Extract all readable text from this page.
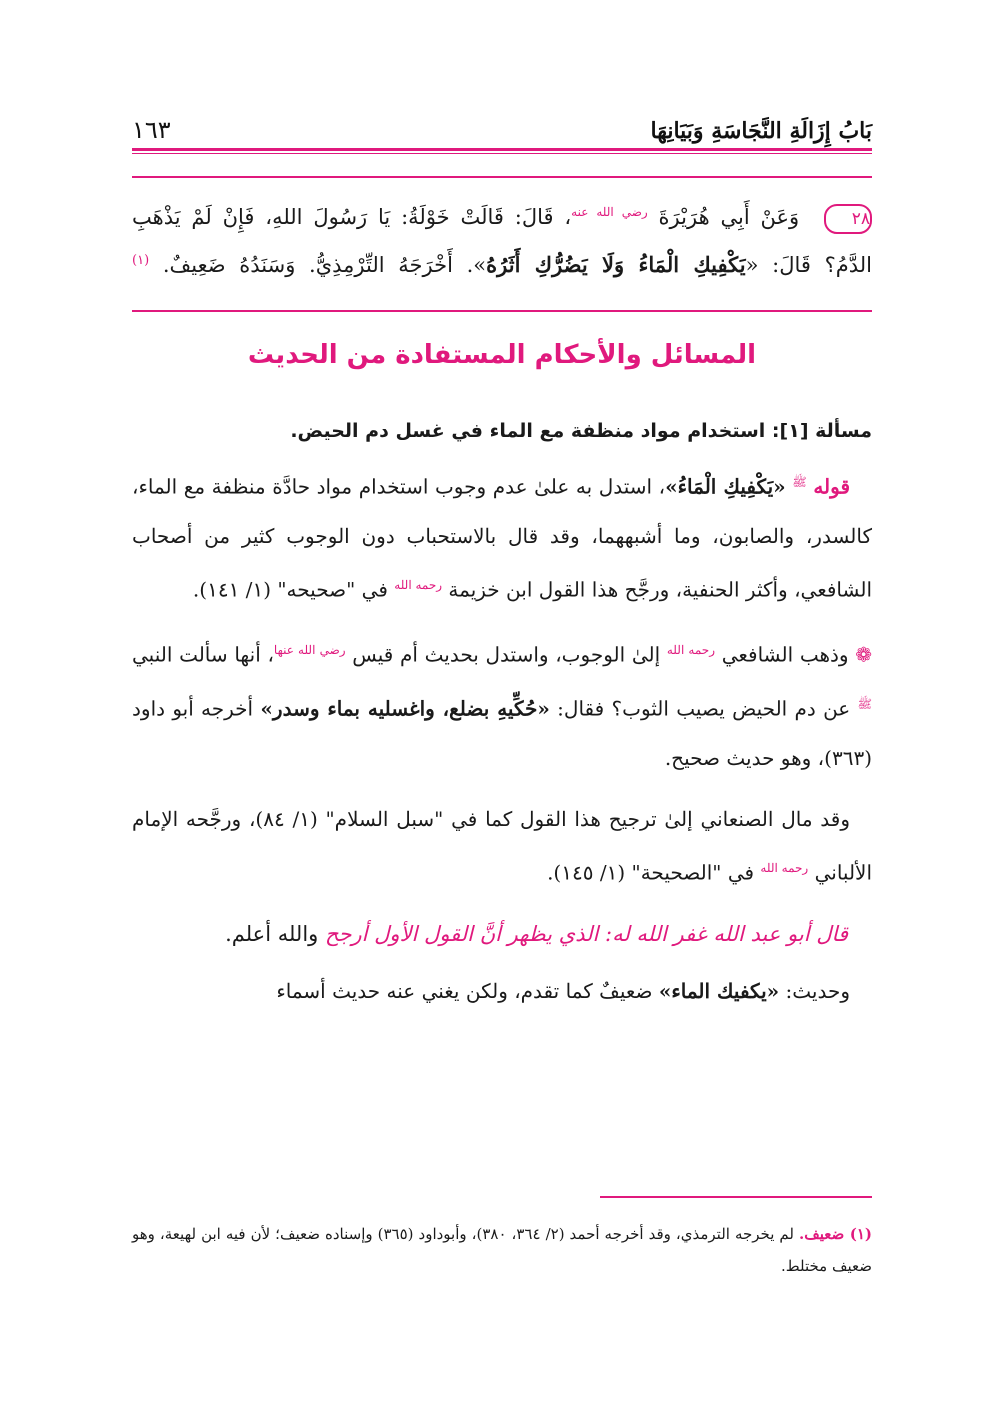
بَابُ إِزَالَةِ النَّجَاسَةِ وَبَيَانِهَا
١٦٣
٢٨ وَعَنْ أَبِي هُرَيْرَةَ $^{رضي الله عنه}$، قَالَ: قَالَتْ خَوْلَةُ: يَا رَسُولَ اللهِ، فَإِنْ لَمْ يَذْهَبِ
الدَّمُ؟ قَالَ: «يَكْفِيكِ الْمَاءُ وَلَا يَضُرُّكِ أَثَرُهُ». أَخْرَجَهُ التِّرْمِذِيُّ. وَسَنَدُهُ ضَعِيفٌ. $^{(١)}$
المسائل والأحكام المستفادة من الحديث
مسألة [١]: استخدام مواد منظفة مع الماء في غسل دم الحيض.

قوله $^ﷺ$ «يَكْفِيكِ الْمَاءُ»، استدل به علىٰ عدم وجوب استخدام مواد حادَّة منظفة مع الماء، كالسدر، والصابون، وما أشبههما، وقد قال بالاستحباب دون الوجوب كثير من أصحاب الشافعي، وأكثر الحنفية، ورجَّح هذا القول ابن خزيمة $^{رحمه الله}$ في "صحيحه" (١/ ١٤١).

❁ وذهب الشافعي $^{رحمه الله}$ إلىٰ الوجوب، واستدل بحديث أم قيس $^{رضي الله عنها}$، أنها سألت النبي $^ﷺ$ عن دم الحيض يصيب الثوب؟ فقال: «حُكِّيهِ بضلع، واغسليه بماء وسدر» أخرجه أبو داود (٣٦٣)، وهو حديث صحيح.

وقد مال الصنعاني إلىٰ ترجيح هذا القول كما في "سبل السلام" (١/ ٨٤)، ورجَّحه الإمام الألباني $^{رحمه الله}$ في "الصحيحة" (١/ ١٤٥).

قال أبو عبد الله غفر الله له: الذي يظهر أنَّ القول الأول أرجح والله أعلم.

وحديث: «يكفيك الماء» ضعيفٌ كما تقدم، ولكن يغني عنه حديث أسماء

(١) ضعيف. لم يخرجه الترمذي، وقد أخرجه أحمد (٢/ ٣٦٤، ٣٨٠)، وأبوداود (٣٦٥) وإسناده ضعيف؛ لأن فيه ابن لهيعة، وهو ضعيف مختلط.
